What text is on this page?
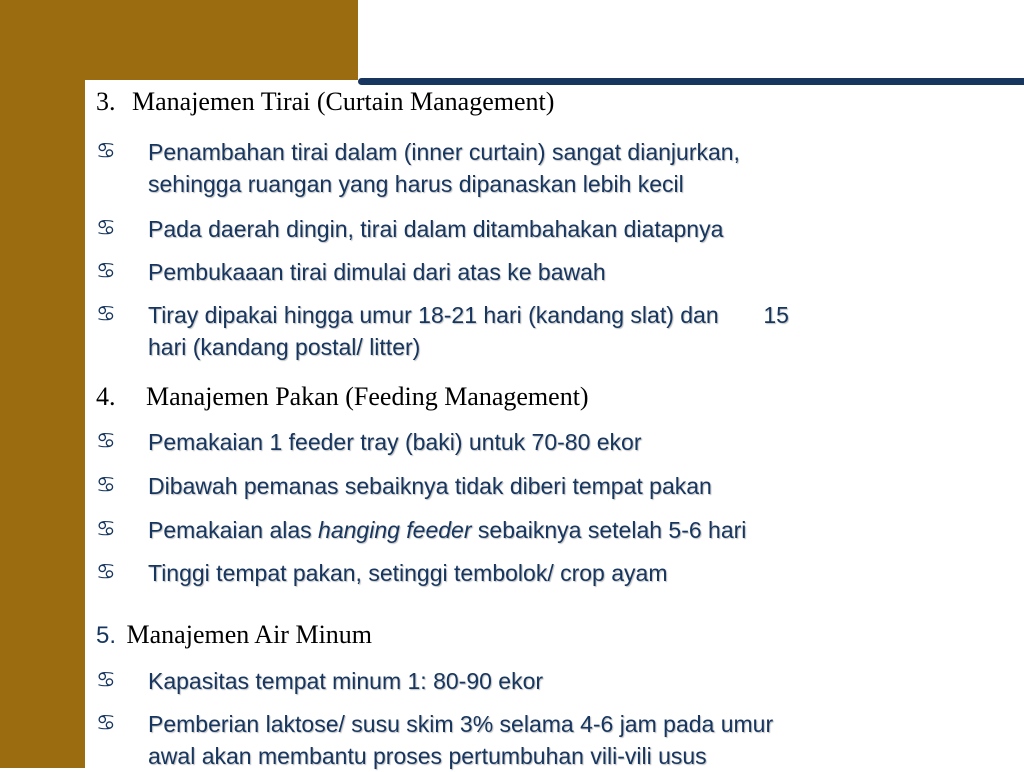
3. Manajemen Tirai (Curtain Management)
♋	Penambahan tirai dalam (inner curtain) sangat dianjurkan,
sehingga ruangan yang harus dipanaskan lebih kecil
♋	Pada daerah dingin, tirai dalam ditambahakan diatapnya
♋	Pembukaaan tirai dimulai dari atas ke bawah
♋	Tiray dipakai hingga umur 18-21 hari (kandang slat) dan       15
hari (kandang postal/ litter)
4. Manajemen Pakan (Feeding Management)
♋	Pemakaian 1 feeder tray (baki) untuk 70-80 ekor
♋	Dibawah pemanas sebaiknya tidak diberi tempat pakan
♋	Pemakaian alas hanging feeder sebaiknya setelah 5-6 hari
♋	Tinggi tempat pakan, setinggi tembolok/ crop ayam
5. Manajemen Air Minum
♋	Kapasitas tempat minum 1: 80-90 ekor
♋	Pemberian laktose/ susu skim 3% selama 4-6 jam pada umur
awal akan membantu proses pertumbuhan vili-vili usus
